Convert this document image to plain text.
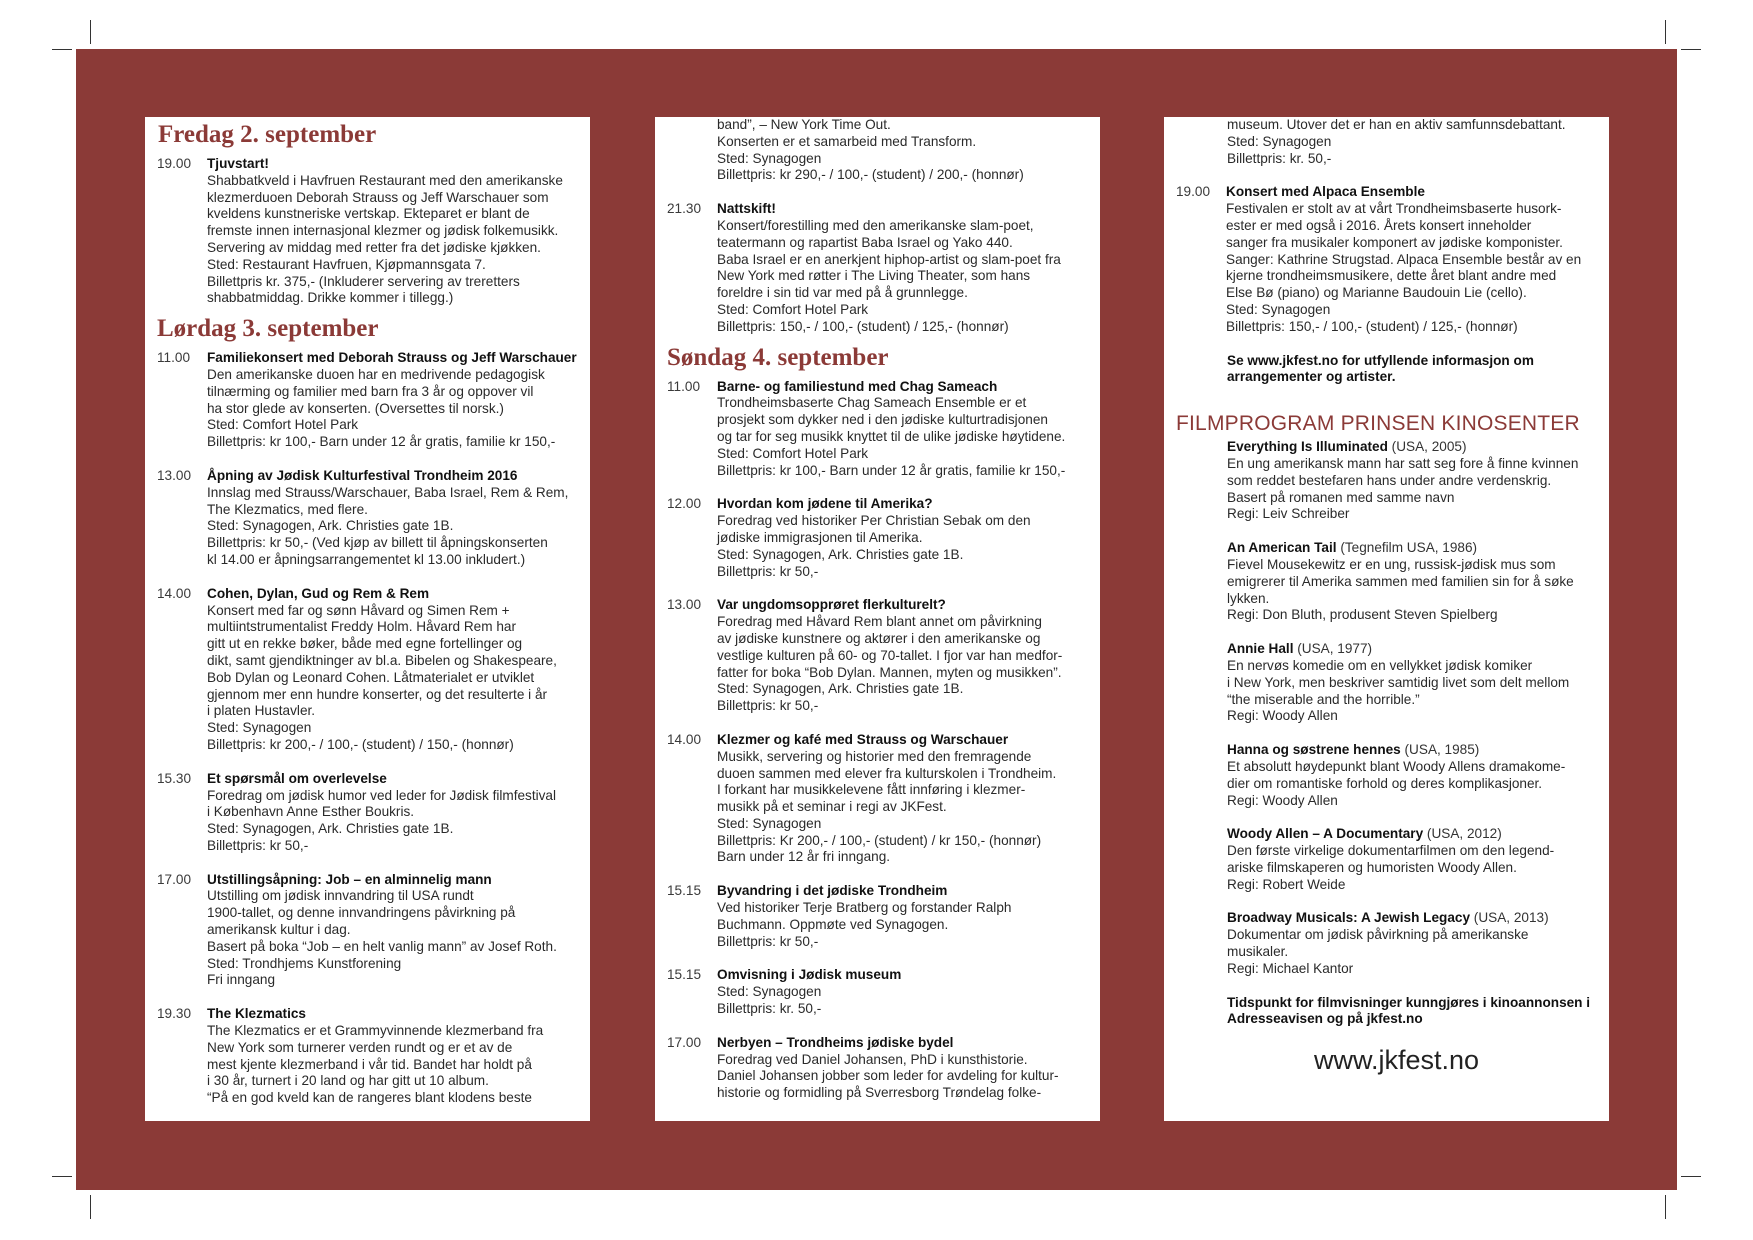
Fredag 2. september
19.00	Tjuvstart!
Shabbatkveld i Havfruen Restaurant med den amerikanske
klezmerduoen Deborah Strauss og Jeff Warschauer som
kveldens kunstneriske vertskap. Ekteparet er blant de
fremste innen internasjonal klezmer og jødisk folkemusikk.
Servering av middag med retter fra det jødiske kjøkken.
Sted: Restaurant Havfruen, Kjøpmannsgata 7.
Billettpris kr. 375,- (Inkluderer servering av treretters
shabbatmiddag. Drikke kommer i tillegg.)
Lørdag 3. september
11.00	Familiekonsert med Deborah Strauss og Jeff Warschauer
Den amerikanske duoen har en medrivende pedagogisk
tilnærming og familier med barn fra 3 år og oppover vil
ha stor glede av konserten. (Oversettes til norsk.)
Sted: Comfort Hotel Park
Billettpris: kr 100,- Barn under 12 år gratis, familie kr 150,-
13.00	Åpning av Jødisk Kulturfestival Trondheim 2016
Innslag med Strauss/Warschauer, Baba Israel, Rem & Rem,
The Klezmatics, med flere.
Sted: Synagogen, Ark. Christies gate 1B.
Billettpris: kr 50,- (Ved kjøp av billett til åpningskonserten
kl 14.00 er åpningsarrangementet kl 13.00 inkludert.)
14.00	Cohen, Dylan, Gud og Rem & Rem
Konsert med far og sønn Håvard og Simen Rem +
multiintstrumentalist Freddy Holm. Håvard Rem har
gitt ut en rekke bøker, både med egne fortellinger og
dikt, samt gjendiktninger av bl.a. Bibelen og Shakespeare,
Bob Dylan og Leonard Cohen. Låtmaterialet er utviklet
gjennom mer enn hundre konserter, og det resulterte i år
i platen Hustavler.
Sted: Synagogen
Billettpris: kr 200,- / 100,- (student) / 150,- (honnør)
15.30	Et spørsmål om overlevelse
Foredrag om jødisk humor ved leder for Jødisk filmfestival
i København Anne Esther Boukris.
Sted: Synagogen, Ark. Christies gate 1B.
Billettpris: kr 50,-
17.00	Utstillingsåpning: Job – en alminnelig mann
Utstilling om jødisk innvandring til USA rundt
1900-tallet, og denne innvandringens påvirkning på
amerikansk kultur i dag.
Basert på boka “Job – en helt vanlig mann” av Josef Roth.
Sted: Trondhjems Kunstforening
Fri inngang
19.30	The Klezmatics
The Klezmatics er et Grammyvinnende klezmerband fra
New York som turnerer verden rundt og er et av de
mest kjente klezmerband i vår tid. Bandet har holdt på
i 30 år, turnert i 20 land og har gitt ut 10 album.
“På en god kveld kan de rangeres blant klodens beste
band”, – New York Time Out.
Konserten er et samarbeid med Transform.
Sted: Synagogen
Billettpris: kr 290,- / 100,- (student) / 200,- (honnør)
21.30	Nattskift!
Konsert/forestilling med den amerikanske slam-poet,
teatermann og rapartist Baba Israel og Yako 440.
Baba Israel er en anerkjent hiphop-artist og slam-poet fra
New York med røtter i The Living Theater, som hans
foreldre i sin tid var med på å grunnlegge.
Sted: Comfort Hotel Park
Billettpris: 150,- / 100,- (student) / 125,- (honnør)
Søndag 4. september
11.00	Barne- og familiestund med Chag Sameach
Trondheimsbaserte Chag Sameach Ensemble er et
prosjekt som dykker ned i den jødiske kulturtradisjonen
og tar for seg musikk knyttet til de ulike jødiske høytidene.
Sted: Comfort Hotel Park
Billettpris: kr 100,- Barn under 12 år gratis, familie kr 150,-
12.00	Hvordan kom jødene til Amerika?
Foredrag ved historiker Per Christian Sebak om den
jødiske immigrasjonen til Amerika.
Sted: Synagogen, Ark. Christies gate 1B.
Billettpris: kr 50,-
13.00	Var ungdomsopprøret flerkulturelt?
Foredrag med Håvard Rem blant annet om påvirkning
av jødiske kunstnere og aktører i den amerikanske og
vestlige kulturen på 60- og 70-tallet. I fjor var han medfor-
fatter for boka “Bob Dylan. Mannen, myten og musikken”.
Sted: Synagogen, Ark. Christies gate 1B.
Billettpris: kr 50,-
14.00	Klezmer og kafé med Strauss og Warschauer
Musikk, servering og historier med den fremragende
duoen sammen med elever fra kulturskolen i Trondheim.
I forkant har musikkelevene fått innføring i klezmer-
musikk på et seminar i regi av JKFest.
Sted: Synagogen
Billettpris: Kr 200,- / 100,- (student) / kr 150,- (honnør)
Barn under 12 år fri inngang.
15.15	Byvandring i det jødiske Trondheim
Ved historiker Terje Bratberg og forstander Ralph
Buchmann. Oppmøte ved Synagogen.
Billettpris: kr 50,-
15.15	Omvisning i Jødisk museum
Sted: Synagogen
Billettpris: kr. 50,-
17.00	Nerbyen – Trondheims jødiske bydel
Foredrag ved Daniel Johansen, PhD i kunsthistorie.
Daniel Johansen jobber som leder for avdeling for kultur-
historie og formidling på Sverresborg Trøndelag folke-
museum. Utover det er han en aktiv samfunnsdebattant.
Sted: Synagogen
Billettpris: kr. 50,-
19.00	Konsert med Alpaca Ensemble
Festivalen er stolt av at vårt Trondheimsbaserte husork-
ester er med også i 2016. Årets konsert inneholder
sanger fra musikaler komponert av jødiske komponister.
Sanger: Kathrine Strugstad. Alpaca Ensemble består av en
kjerne trondheimsmusikere, dette året blant andre med
Else Bø (piano) og Marianne Baudouin Lie (cello).
Sted: Synagogen
Billettpris: 150,- / 100,- (student) / 125,- (honnør)
Se www.jkfest.no for utfyllende informasjon om arrangementer og artister.
FILMPROGRAM PRINSEN KINOSENTER
Everything Is Illuminated (USA, 2005)
En ung amerikansk mann har satt seg fore å finne kvinnen
som reddet bestefaren hans under andre verdenskrig.
Basert på romanen med samme navn
Regi: Leiv Schreiber
An American Tail (Tegnefilm USA, 1986)
Fievel Mousekewitz er en ung, russisk-jødisk mus som
emigrerer til Amerika sammen med familien sin for å søke
lykken.
Regi: Don Bluth, produsent Steven Spielberg
Annie Hall (USA, 1977)
En nervøs komedie om en vellykket jødisk komiker
i New York, men beskriver samtidig livet som delt mellom
“the miserable and the horrible.”
Regi: Woody Allen
Hanna og søstrene hennes (USA, 1985)
Et absolutt høydepunkt blant Woody Allens dramakome-
dier om romantiske forhold og deres komplikasjoner.
Regi: Woody Allen
Woody Allen – A Documentary (USA, 2012)
Den første virkelige dokumentarfilmen om den legend-
ariske filmskaperen og humoristen Woody Allen.
Regi: Robert Weide
Broadway Musicals: A Jewish Legacy (USA, 2013)
Dokumentar om jødisk påvirkning på amerikanske
musikaler.
Regi: Michael Kantor
Tidspunkt for filmvisninger kunngjøres i kinoannonsen i Adresseavisen og på jkfest.no
www.jkfest.no
